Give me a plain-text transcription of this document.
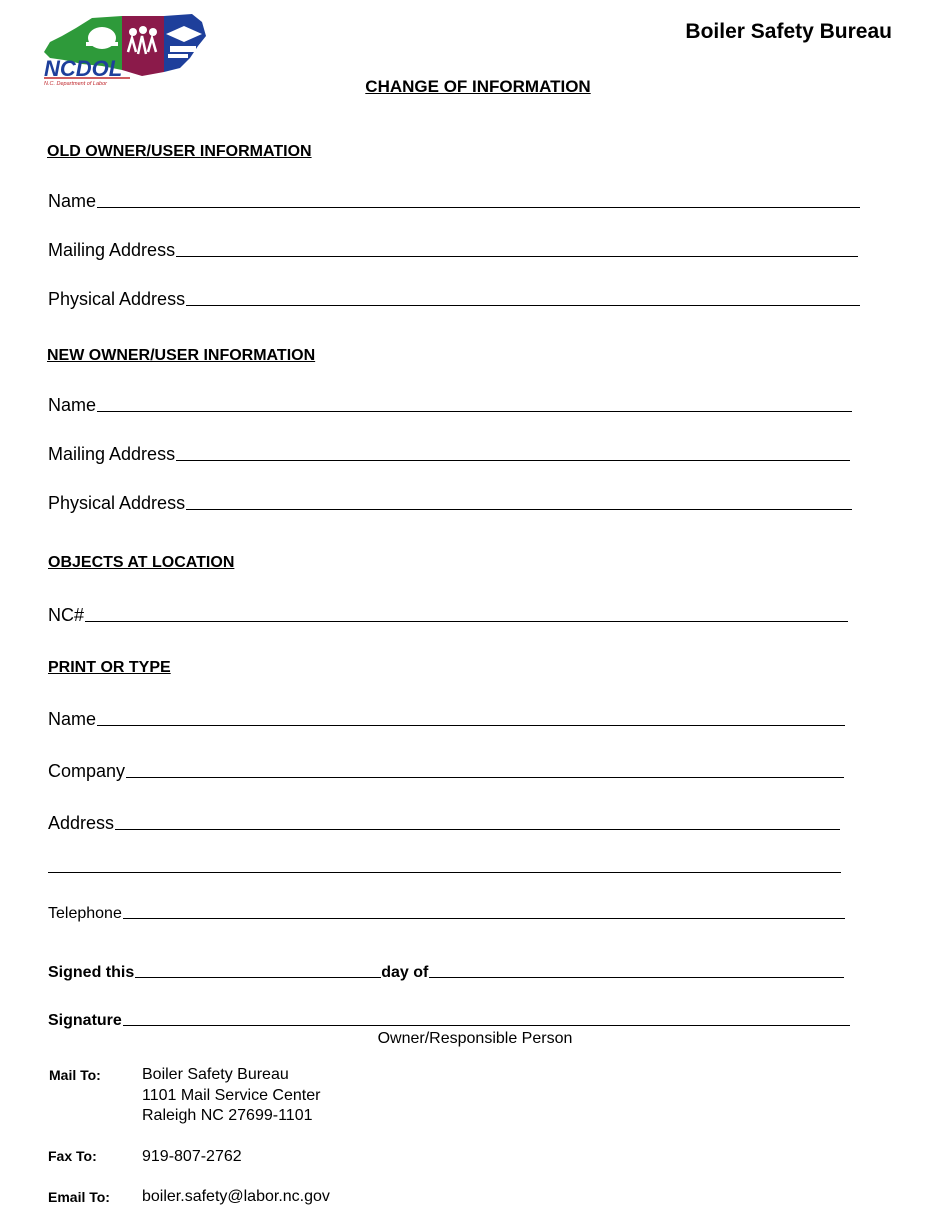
NCDOL
N.C. Department of Labor
Boiler Safety Bureau
CHANGE OF INFORMATION
OLD OWNER/USER INFORMATION
Name
Mailing Address
Physical Address
NEW OWNER/USER INFORMATION
Name
Mailing Address
Physical Address
OBJECTS AT LOCATION
NC#
PRINT OR TYPE
Name
Company
Address
Telephone
Signed this	day of
Signature
Owner/Responsible Person
Mail To:	Boiler Safety Bureau
1101 Mail Service Center
Raleigh NC 27699-1101
Fax To:	919-807-2762
Email To: boiler.safety@labor.nc.gov
